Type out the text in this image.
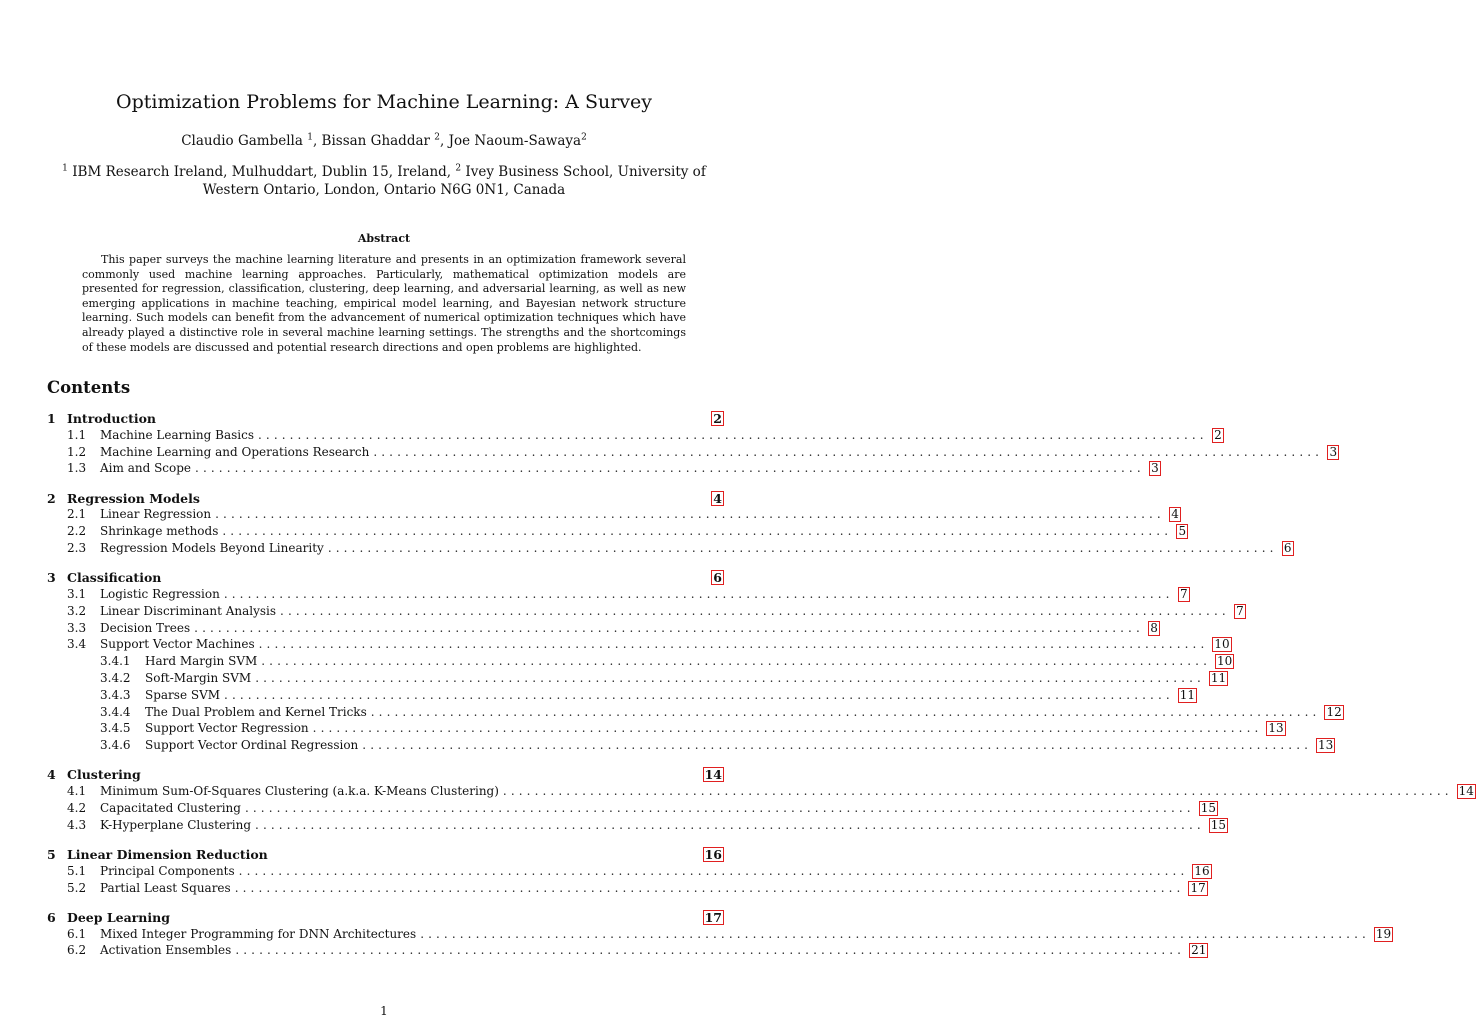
Optimization Problems for Machine Learning: A Survey
Claudio Gambella $^1$, Bissan Ghaddar $^2$, Joe Naoum-Sawaya$^2$
$^1$ IBM Research Ireland, Mulhuddart, Dublin 15, Ireland, $^2$ Ivey Business School, University of Western Ontario, London, Ontario N6G 0N1, Canada
Abstract
This paper surveys the machine learning literature and presents in an optimization framework several commonly used machine learning approaches. Particularly, mathematical optimization models are presented for regression, classification, clustering, deep learning, and adversarial learning, as well as new emerging applications in machine teaching, empirical model learning, and Bayesian network structure learning. Such models can benefit from the advancement of numerical optimization techniques which have already played a distinctive role in several machine learning settings. The strengths and the shortcomings of these models are discussed and potential research directions and open problems are highlighted.
Contents
1 Introduction	2
1.1	Machine Learning Basics ........................................................................................................................ 2
1.2	Machine Learning and Operations Research ........................................................................................................................ 3
1.3	Aim and Scope ........................................................................................................................ 3
2 Regression Models	4
2.1	Linear Regression ........................................................................................................................ 4
2.2	Shrinkage methods ........................................................................................................................ 5
2.3	Regression Models Beyond Linearity ........................................................................................................................ 6
3 Classification	6
3.1	Logistic Regression ........................................................................................................................ 7
3.2	Linear Discriminant Analysis ........................................................................................................................ 7
3.3	Decision Trees ........................................................................................................................ 8
3.4	Support Vector Machines ........................................................................................................................ 10
3.4.1	Hard Margin SVM ........................................................................................................................ 10
3.4.2	Soft-Margin SVM ........................................................................................................................ 11
3.4.3	Sparse SVM ........................................................................................................................ 11
3.4.4	The Dual Problem and Kernel Tricks ........................................................................................................................ 12
3.4.5	Support Vector Regression ........................................................................................................................ 13
3.4.6	Support Vector Ordinal Regression ........................................................................................................................ 13
4 Clustering	14
4.1	Minimum Sum-Of-Squares Clustering (a.k.a. K-Means Clustering) ........................................................................................................................ 14
4.2	Capacitated Clustering ........................................................................................................................ 15
4.3	K-Hyperplane Clustering ........................................................................................................................ 15
5 Linear Dimension Reduction	16
5.1	Principal Components ........................................................................................................................ 16
5.2	Partial Least Squares ........................................................................................................................ 17
6 Deep Learning	17
6.1	Mixed Integer Programming for DNN Architectures ........................................................................................................................ 19
6.2	Activation Ensembles ........................................................................................................................ 21
1
